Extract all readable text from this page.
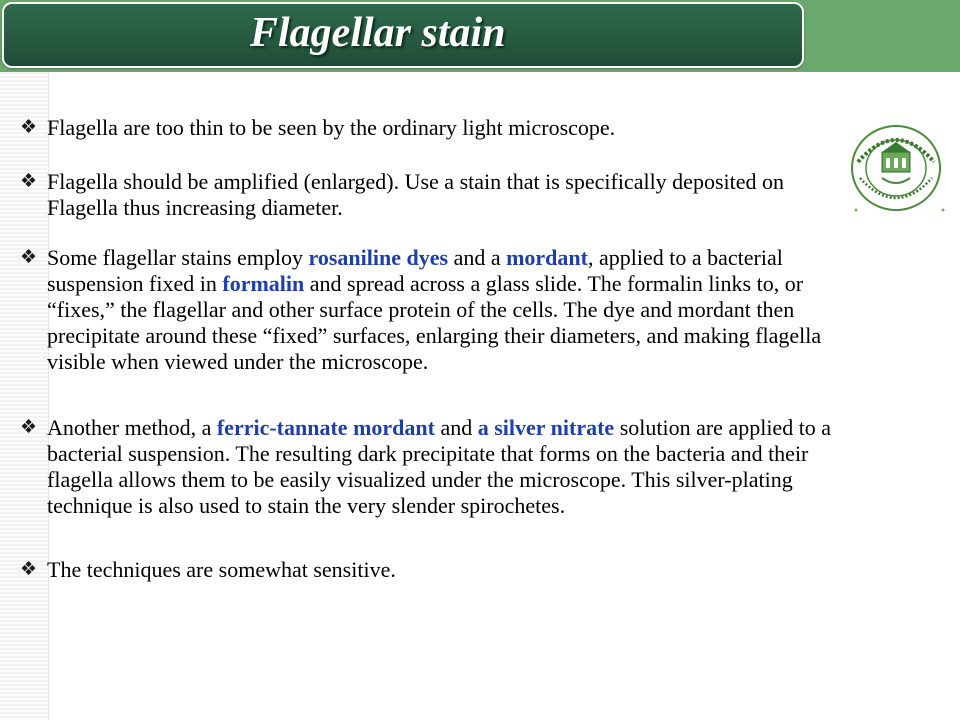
Flagellar stain
❖ Flagella are too thin to be seen by the ordinary light microscope.
❖ Flagella should be amplified (enlarged). Use a stain that is specifically deposited on Flagella thus increasing diameter.
❖ Some flagellar stains employ rosaniline dyes and a mordant, applied to a bacterial suspension fixed in formalin and spread across a glass slide. The formalin links to, or “fixes,” the flagellar and other surface protein of the cells. The dye and mordant then precipitate around these “fixed” surfaces, enlarging their diameters, and making flagella visible when viewed under the microscope.
❖ Another method, a ferric-tannate mordant and a silver nitrate solution are applied to a bacterial suspension. The resulting dark precipitate that forms on the bacteria and their flagella allows them to be easily visualized under the microscope. This silver-plating technique is also used to stain the very slender spirochetes.
❖ The techniques are somewhat sensitive.
